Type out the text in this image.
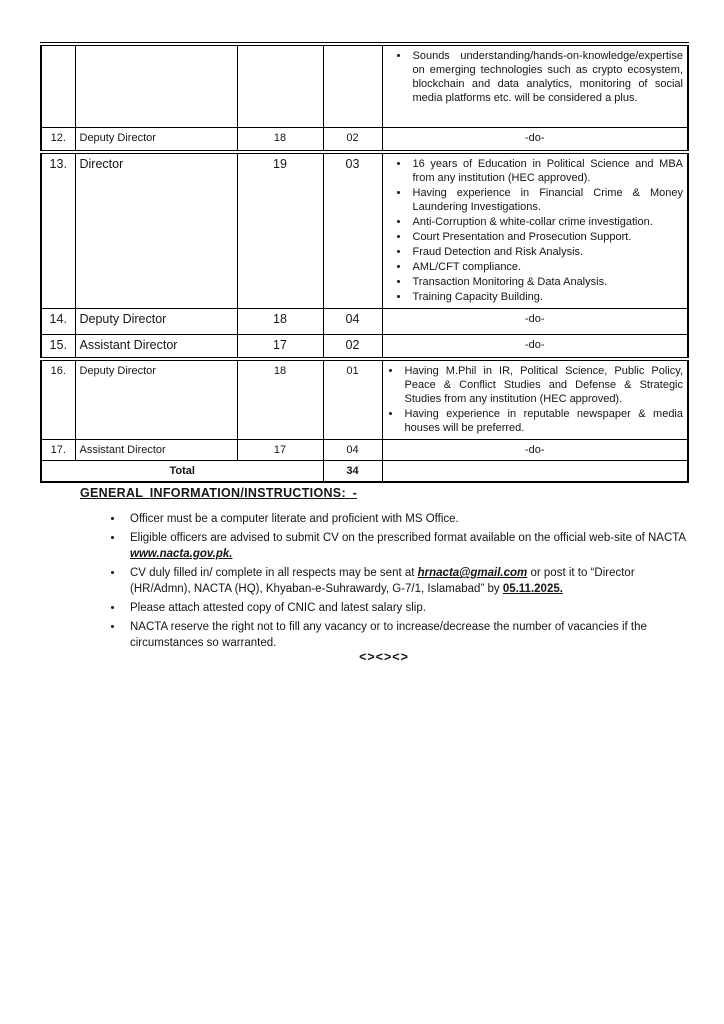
• Sounds understanding/hands-on-knowledge/expertise on emerging technologies such as crypto ecosystem, blockchain and data analytics, monitoring of social media platforms etc. will be considered a plus.

12.	Deputy Director	18	02	-do-
13.	Director	19	03	
•16 years of Education in Political Science and MBA from any institution (HEC approved).
• Having experience in Financial Crime & Money Laundering Investigations.
• Anti-Corruption & white-collar crime investigation.
• Court Presentation and Prosecution Support.
• Fraud Detection and Risk Analysis.
• AML/CFT compliance.
• Transaction Monitoring & Data Analysis.
• Training Capacity Building.

14.	Deputy Director	18	04	-do-
15.	Assistant Director	17	02	-do-
16.	Deputy Director	18	01	
•Having M.Phil in IR, Political Science, Public Policy, Peace & Conflict Studies and Defense & Strategic Studies from any institution (HEC approved).
• Having experience in reputable newspaper & media houses will be preferred.

17.	Assistant Director	17	04	-do-
Total			34	
GENERAL INFORMATION/INSTRUCTIONS: -
• Officer must be a computer literate and proficient with MS Office.
• Eligible officers are advised to submit CV on the prescribed format available on the official web-site of NACTA www.nacta.gov.pk.
• CV duly filled in/ complete in all respects may be sent at hrnacta@gmail.com or post it to “Director (HR/Admn), NACTA (HQ), Khyaban-e-Suhrawardy, G-7/1, Islamabad” by 05.11.2025.
• Please attach attested copy of CNIC and latest salary slip.
• NACTA reserve the right not to fill any vacancy or to increase/decrease the number of vacancies if the circumstances so warranted.
<><><>
